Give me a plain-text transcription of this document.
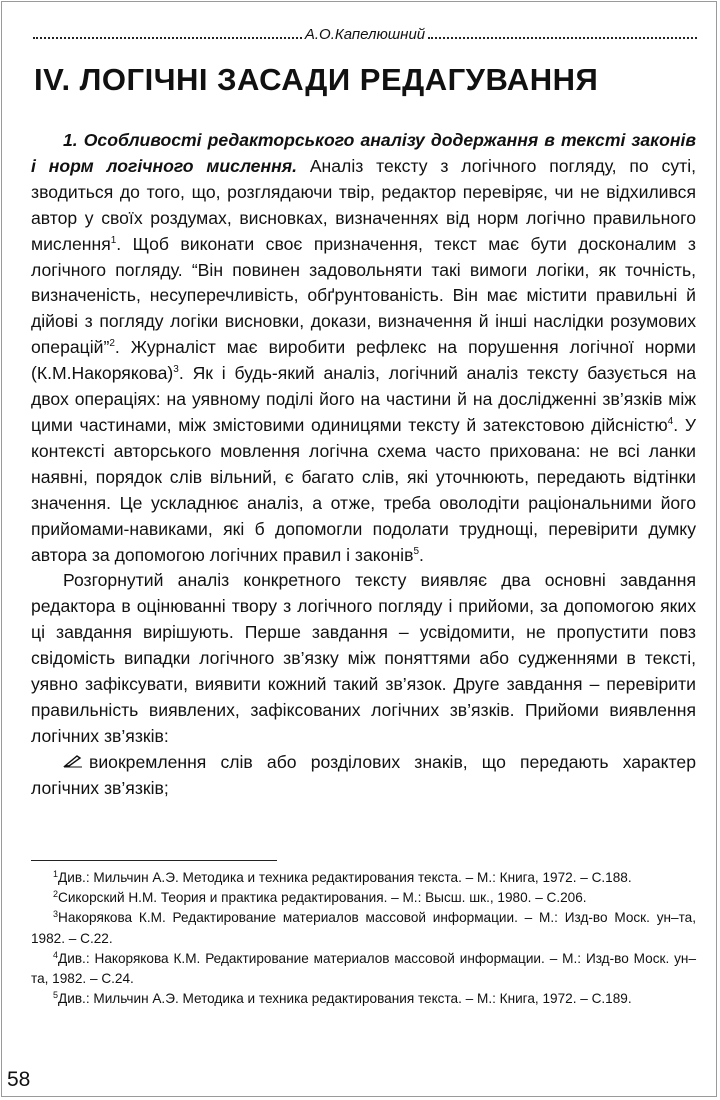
А.О.Капелюшний
IV. ЛОГІЧНІ ЗАСАДИ РЕДАГУВАННЯ

1. Особливості редакторського аналізу додержання в тексті законів і норм логічного мислення. Аналіз тексту з логічного погляду, по суті, зводиться до того, що, розглядаючи твір, редактор перевіряє, чи не відхилився автор у своїх роздумах, висновках, визначеннях від норм логічно правильного мислення$^1$. Щоб виконати своє призначення, текст має бути досконалим з логічного погляду. “Він повинен задовольняти такі вимоги логіки, як точність, визначеність, несуперечливість, обґрунтованість. Він має містити правильні й дійові з погляду логіки висновки, докази, визначення й інші наслідки розумових операцій”$^2$. Журналіст має виробити рефлекс на порушення логічної норми (К.М.Накорякова)$^3$. Як і будь-який аналіз, логічний аналіз тексту базується на двох операціях: на уявному поділі його на частини й на дослідженні зв’язків між цими частинами, між змістовими одиницями тексту й затекстовою дійсністю$^4$. У контексті авторського мовлення логічна схема часто прихована: не всі ланки наявні, порядок слів вільний, є багато слів, які уточнюють, передають відтінки значення. Це ускладнює аналіз, а отже, треба оволодіти раціональними його прийомами-навиками, які б допомогли подолати труднощі, перевірити думку автора за допомогою логічних правил і законів$^5$.

Розгорнутий аналіз конкретного тексту виявляє два основні завдання редактора в оцінюванні твору з логічного погляду і прийоми, за допомогою яких ці завдання вирішують. Перше завдання – усвідомити, не пропустити повз свідомість випадки логічного зв’язку між поняттями або судженнями в тексті, уявно зафіксувати, виявити кожний такий зв’язок. Друге завдання – перевірити правильність виявлених, зафіксованих логічних зв’язків. Прийоми виявлення логічних зв’язків:

виокремлення слів або розділових знаків, що передають характер логічних зв’язків;

$^1$Див.: Мильчин А.Э. Методика и техника редактирования текста. – М.: Книга, 1972. – С.188.

$^2$Сикорский Н.М. Теория и практика редактирования. – М.: Высш. шк., 1980. – С.206.

$^3$Накорякова К.М. Редактирование материалов массовой информации. – М.: Изд-во Моск. ун–та, 1982. – С.22.

$^4$Див.: Накорякова К.М. Редактирование материалов массовой информации. – М.: Изд-во Моск. ун–та, 1982. – С.24.

$^5$Див.: Мильчин А.Э. Методика и техника редактирования текста. – М.: Книга, 1972. – С.189.

58
